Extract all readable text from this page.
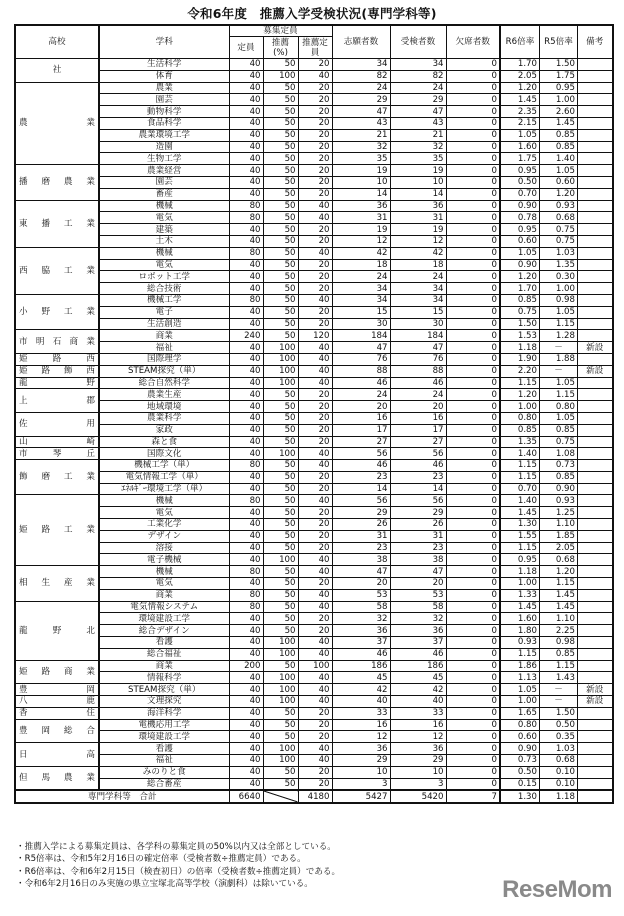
令和6年度　推薦入学受検状況(専門学科等)
高校	学科	募集定員			志願者数	受検者数	欠席者数	R6倍率	R5倍率	備考
		定員	推薦(%)	推薦定員						
社	生活科学	40	50	20	34	34	0	1.70	1.50	
	体育	40	100	40	82	82	0	2.05	1.75	
農業	農業	40	50	20	24	24	0	1.20	0.95	
	園芸	40	50	20	29	29	0	1.45	1.00	
	動物科学	40	50	20	47	47	0	2.35	2.60	
	食品科学	40	50	20	43	43	0	2.15	1.45	
	農業環境工学	40	50	20	21	21	0	1.05	0.85	
	造園	40	50	20	32	32	0	1.60	0.85	
	生物工学	40	50	20	35	35	0	1.75	1.40	
播磨農業	農業経営	40	50	20	19	19	0	0.95	1.05	
	園芸	40	50	20	10	10	0	0.50	0.60	
	畜産	40	50	20	14	14	0	0.70	1.20	
東播工業	機械	80	50	40	36	36	0	0.90	0.93	
	電気	80	50	40	31	31	0	0.78	0.68	
	建築	40	50	20	19	19	0	0.95	0.75	
	土木	40	50	20	12	12	0	0.60	0.75	
西脇工業	機械	80	50	40	42	42	0	1.05	1.03	
	電気	40	50	20	18	18	0	0.90	1.35	
	ロボット工学	40	50	20	24	24	0	1.20	0.30	
	総合技術	40	50	20	34	34	0	1.70	1.00	
小野工業	機械工学	80	50	40	34	34	0	0.85	0.98	
	電子	40	50	20	15	15	0	0.75	1.05	
	生活創造	40	50	20	30	30	0	1.50	1.15	
市明石商業	商業	240	50	120	184	184	0	1.53	1.28	
	福祉	40	100	40	47	47	0	1.18	－	新設
姫路西	国際理学	40	100	40	76	76	0	1.90	1.88	
姫路飾西	STEAM探究（単）	40	100	40	88	88	0	2.20	－	新設
龍野	総合自然科学	40	100	40	46	46	0	1.15	1.05	
上郡	農業生産	40	50	20	24	24	0	1.20	1.15	
	地域環境	40	50	20	20	20	0	1.00	0.80	
佐用	農業科学	40	50	20	16	16	0	0.80	1.05	
	家政	40	50	20	17	17	0	0.85	0.85	
山崎	森と食	40	50	20	27	27	0	1.35	0.75	
市琴丘	国際文化	40	100	40	56	56	0	1.40	1.08	
飾磨工業	機械工学（単）	80	50	40	46	46	0	1.15	0.73	
	電気情報工学（単）	40	50	20	23	23	0	1.15	0.85	
	ｴﾈﾙｷﾞｰ環境工学（単）	40	50	20	14	14	0	0.70	0.90	
姫路工業	機械	80	50	40	56	56	0	1.40	0.93	
	電気	40	50	20	29	29	0	1.45	1.25	
	工業化学	40	50	20	26	26	0	1.30	1.10	
	デザイン	40	50	20	31	31	0	1.55	1.85	
	溶接	40	50	20	23	23	0	1.15	2.05	
	電子機械	40	100	40	38	38	0	0.95	0.68	
相生産業	機械	80	50	40	47	47	0	1.18	1.20	
	電気	40	50	20	20	20	0	1.00	1.15	
	商業	80	50	40	53	53	0	1.33	1.45	
龍野北	電気情報システム	80	50	40	58	58	0	1.45	1.45	
	環境建設工学	40	50	20	32	32	0	1.60	1.10	
	総合デザイン	40	50	20	36	36	0	1.80	2.25	
	看護	40	100	40	37	37	0	0.93	0.98	
	総合福祉	40	100	40	46	46	0	1.15	0.85	
姫路商業	商業	200	50	100	186	186	0	1.86	1.15	
	情報科学	40	100	40	45	45	0	1.13	1.43	
豊岡	STEAM探究（単）	40	100	40	42	42	0	1.05	－	新設
八鹿	文理探究	40	100	40	40	40	0	1.00	－	新設
香住	海洋科学	40	50	20	33	33	0	1.65	1.50	
豊岡総合	電機応用工学	40	50	20	16	16	0	0.80	0.50	
	環境建設工学	40	50	20	12	12	0	0.60	0.35	
日高	看護	40	100	40	36	36	0	0.90	1.03	
	福祉	40	100	40	29	29	0	0.73	0.68	
但馬農業	みのりと食	40	50	20	10	10	0	0.50	0.10	
	総合畜産	40	50	20	3	3	0	0.15	0.10	
専門学科等　合計		6640		4180	5427	5420	7	1.30	1.18	
・推薦入学による募集定員は、各学科の募集定員の50%以内又は全部としている。
・R5倍率は、令和5年2月16日の確定倍率（受検者数÷推薦定員）である。
・R6倍率は、令和6年2月15日（検査初日）の倍率（受検者数÷推薦定員）である。
・令和6年2月16日のみ実施の県立宝塚北高等学校（演劇科）は除いている。	ReseMom
